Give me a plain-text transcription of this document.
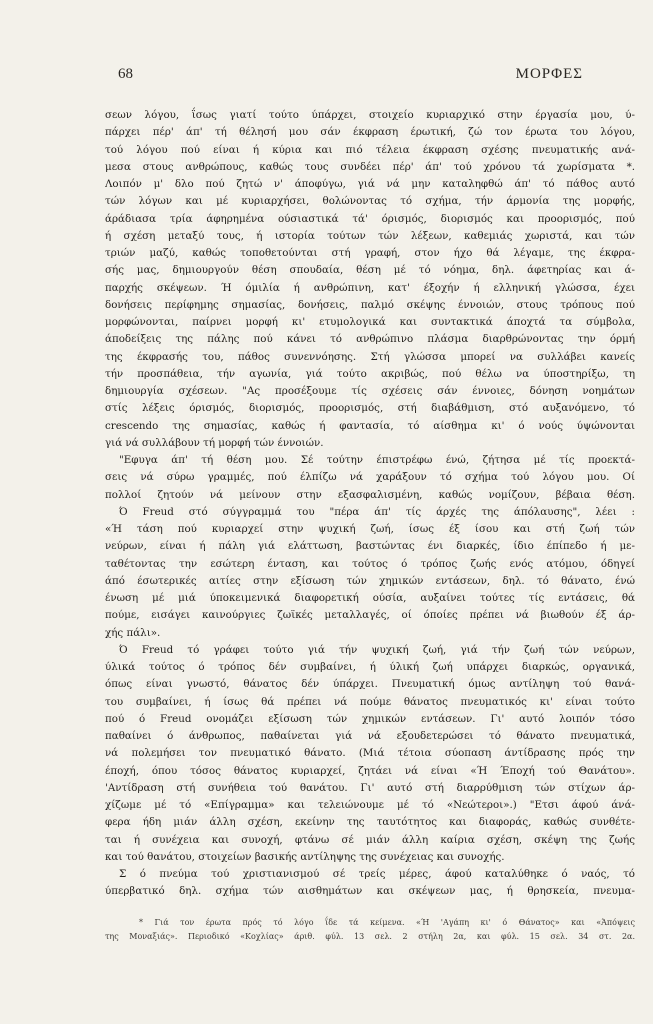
68	ΜΟΡΦΕΣ
σεων λόγου, ΐσως γιατί τούτο ύπάρχει, στοιχείο κυριαρχικό στην έργασία μου, ύ-
πάρχει πέρ' άπ' τή θέλησή μου σάν έκφραση έρωτική, ζώ τον έρωτα του λόγου,
τού λόγου πού είναι ή κύρια και πιό τέλεια έκφραση σχέσης πνευματικής ανά-
μεσα στους ανθρώπους, καθώς τους συνδέει πέρ' άπ' τού χρόνου τά χωρίσματα *.
Λοιπόν μ' δλο πού ζητώ ν' άποφύγω, γιά νά μην καταληφθώ άπ' τό πάθος αυτό
τών λόγων και μέ κυριαρχήσει, θολώνοντας τό σχήμα, τήν άρμονία της μορφής,
άράδιασα τρία άφηρημένα ούσιαστικά τά' όρισμός, διορισμός και προορισμός, πού
ή σχέση μεταξύ τους, ή ιστορία τούτων τών λέξεων, καθεμιάς χωριστά, και τών
τριών μαζύ, καθώς τοποθετούνται στή γραφή, στον ήχο θά λέγαμε, της έκφρα-
σής μας, δημιουργούν θέση σπουδαία, θέση μέ τό νόημα, δηλ. άφετηρίας και ά-
παρχής σκέψεων. Ή όμιλία ή ανθρώπινη, κατ' έξοχήν ή ελληνική γλώσσα, έχει
δονήσεις περίφημης σημασίας, δονήσεις, παλμό σκέψης έννοιών, στους τρόπους πού
μορφώνονται, παίρνει μορφή κι' ετυμολογικά και συντακτικά άποχτά τα σύμβολα,
άποδείξεις της πάλης πού κάνει τό ανθρώπινο πλάσμα διαρθρώνοντας την όρμή
της έκφρασής του, πάθος συνεννόησης. Στή γλώσσα μπορεί να συλλάβει κανείς
τήν προσπάθεια, τήν αγωνία, γιά τούτο ακριβώς, πού θέλω να ύποστηρίξω, τη
δημιουργία σχέσεων. "Ας προσέξουμε τίς σχέσεις σάν έννοιες, δόνηση νοημάτων
στίς λέξεις όρισμός, διορισμός, προορισμός, στή διαβάθμιση, στό αυξανόμενο, τό
crescendo της σημασίας, καθώς ή φαντασία, τό αίσθημα κι' ό νούς ύψώνονται
γιά νά συλλάβουν τή μορφή τών έννοιών.
"Εφυγα άπ' τή θέση μου. Σέ τούτην έπιστρέφω ένώ, ζήτησα μέ τίς προεκτά-
σεις νά σύρω γραμμές, πού έλπίζω νά χαράξουν τό σχήμα τού λόγου μου. Οί
πολλοί ζητούν νά μείνουν στην εξασφαλισμένη, καθώς νομίζουν, βέβαια θέση.
Ό Freud στό σύγγραμμά του "πέρα άπ' τίς άρχές της άπόλαυσης", λέει :
«Ή τάση πού κυριαρχεί στην ψυχική ζωή, ίσως έξ ίσου και στή ζωή τών
νεύρων, είναι ή πάλη γιά ελάττωση, βαστώντας ένι διαρκές, ίδιο έπίπεδο ή με-
ταθέτοντας την εσώτερη ένταση, και τούτος ό τρόπος ζωής ενός ατόμου, όδηγεί
άπό έσωτερικές αιτίες στην εξίσωση τών χημικών εντάσεων, δηλ. τό θάνατο, ένώ
ένωση μέ μιά ύποκειμενικά διαφορετική ούσία, αυξαίνει τούτες τίς εντάσεις, θά
πούμε, εισάγει καινούργιες ζωϊκές μεταλλαγές, οί όποίες πρέπει νά βιωθούν έξ άρ-
χής πάλι».
Ό Freud τό γράφει τούτο γιά τήν ψυχική ζωή, γιά τήν ζωή τών νεύρων,
ύλικά τούτος ό τρόπος δέν συμβαίνει, ή ύλική ζωή υπάρχει διαρκώς, οργανικά,
όπως είναι γνωστό, θάνατος δέν ύπάρχει. Πνευματική όμως αντίληψη τού θανά-
του συμβαίνει, ή ίσως θά πρέπει νά πούμε θάνατος πνευματικός κι' είναι τούτο
πού ό Freud ονομάζει εξίσωση τών χημικών εντάσεων. Γι' αυτό λοιπόν τόσο
παθαίνει ό άνθρωπος, παθαίνεται γιά νά εξουδετερώσει τό θάνατο πνευματικά,
νά πολεμήσει τον πνευματικό θάνατο. (Μιά τέτοια σύοπαση άντίδρασης πρός την
έποχή, όπου τόσος θάνατος κυριαρχεί, ζητάει νά είναι «Ή Έποχή τού Θανάτου».
'Αντίδραση στή συνήθεια τού θανάτου. Γι' αυτό στή διαρρύθμιση τών στίχων άρ-
χίζωμε μέ τό «Επίγραμμα» και τελειώνουμε μέ τό «Νεώτεροι».) "Ετσι άφού άνά-
φερα ήδη μιάν άλλη σχέση, εκείνην της ταυτότητος και διαφοράς, καθώς συνθέτε-
ται ή συνέχεια και συνοχή, φτάνω σέ μιάν άλλη καίρια σχέση, σκέψη της ζωής
και τού θανάτου, στοιχείων βασικής αντίληψης της συνέχειας και συνοχής.
Σ ό πνεύμα τού χριστιανισμού σέ τρείς μέρες, άφού καταλύθηκε ό ναός, τό
ύπερβατικό δηλ. σχήμα τών αισθημάτων και σκέψεων μας, ή θρησκεία, πνευμα-
* Γιά τον έρωτα πρός τό λόγο ΐδε τά κείμενα. «Ή 'Αγάπη κι' ό Θάνατος» και «Άπόψεις
της Μοναξιάς». Περιοδικό «Κοχλίας» άριθ. φύλ. 13 σελ. 2 στήλη 2α, και φύλ. 15 σελ. 34 στ. 2α.
